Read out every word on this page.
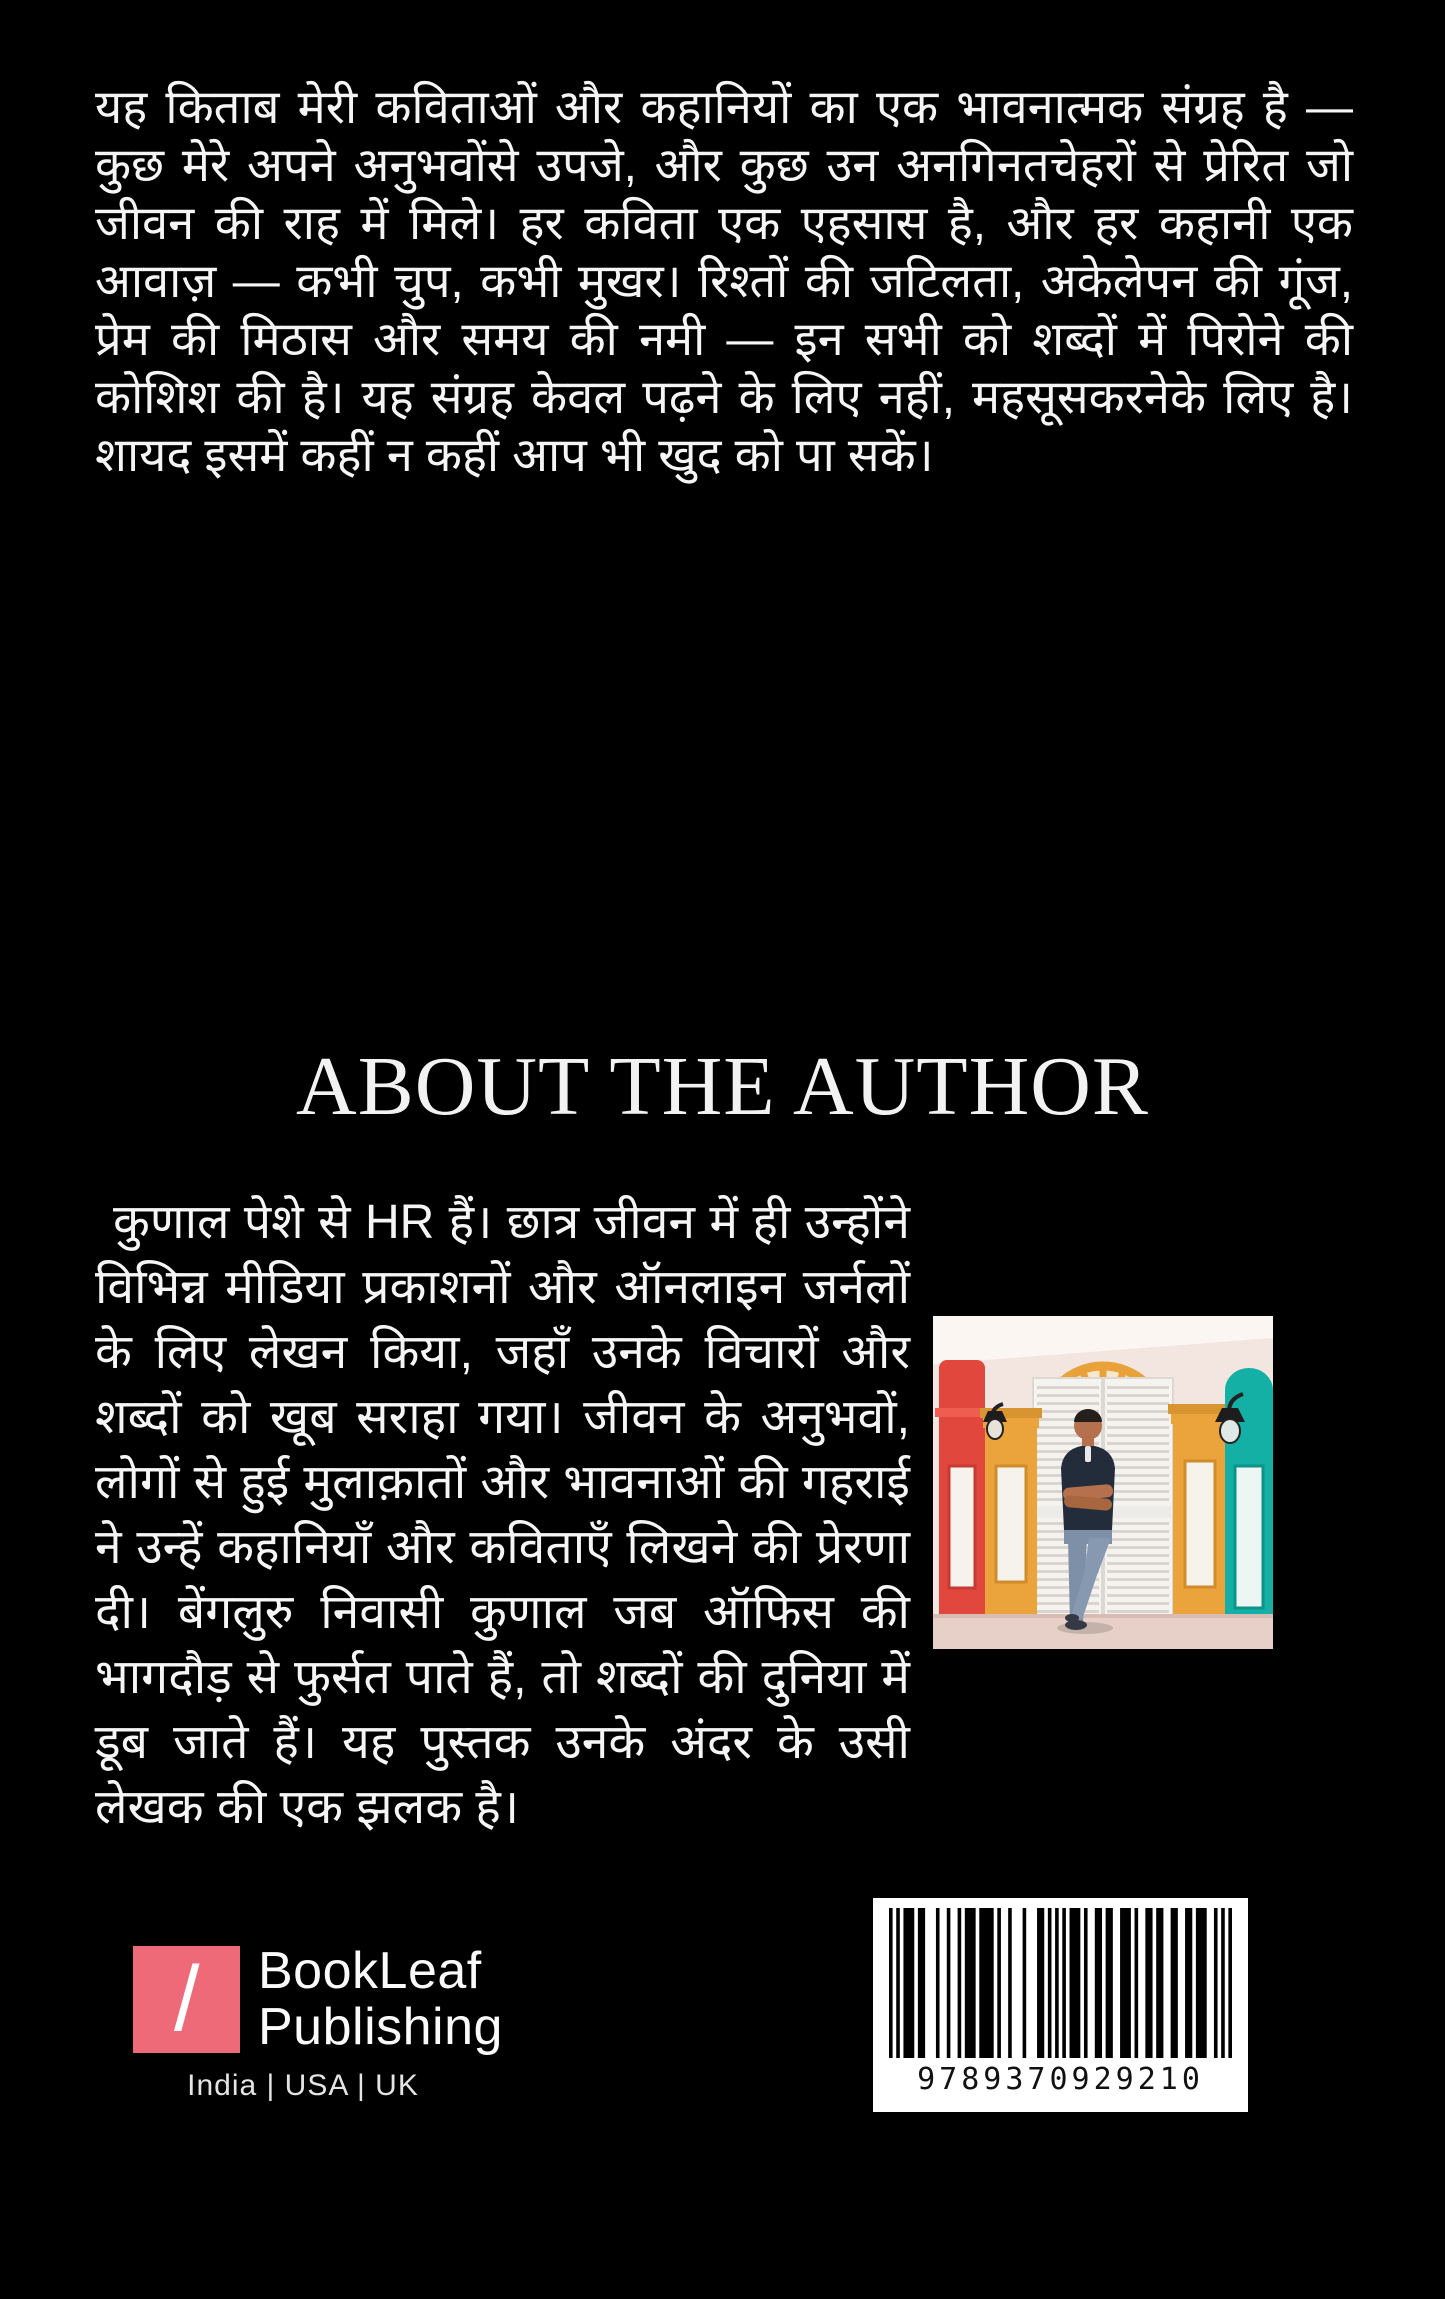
यह किताब मेरी कविताओं और कहानियों का एक भावनात्मक संग्रह है — कुछ मेरे अपने अनुभवोंसे उपजे, और कुछ उन अनगिनतचेहरों से प्रेरित जो जीवन की राह में मिले। हर कविता एक एहसास है, और हर कहानी एक आवाज़ — कभी चुप, कभी मुखर। रिश्तों की जटिलता, अकेलेपन की गूंज, प्रेम की मिठास और समय की नमी — इन सभी को शब्दों में पिरोने की कोशिश की है। यह संग्रह केवल पढ़ने के लिए नहीं, महसूसकरनेके लिए है। शायद इसमें कहीं न कहीं आप भी खुद को पा सकें।
ABOUT THE AUTHOR
कुणाल पेशे से HR हैं। छात्र जीवन में ही उन्होंने विभिन्न मीडिया प्रकाशनों और ऑनलाइन जर्नलों के लिए लेखन किया, जहाँ उनके विचारों और शब्दों को खूब सराहा गया। जीवन के अनुभवों, लोगों से हुई मुलाक़ातों और भावनाओं की गहराई ने उन्हें कहानियाँ और कविताएँ लिखने की प्रेरणा दी। बेंगलुरु निवासी कुणाल जब ऑफिस की भागदौड़ से फुर्सत पाते हैं, तो शब्दों की दुनिया में डूब जाते हैं। यह पुस्तक उनके अंदर के उसी लेखक की एक झलक है।
/ BookLeaf
Publishing
India | USA | UK	9789370929210
